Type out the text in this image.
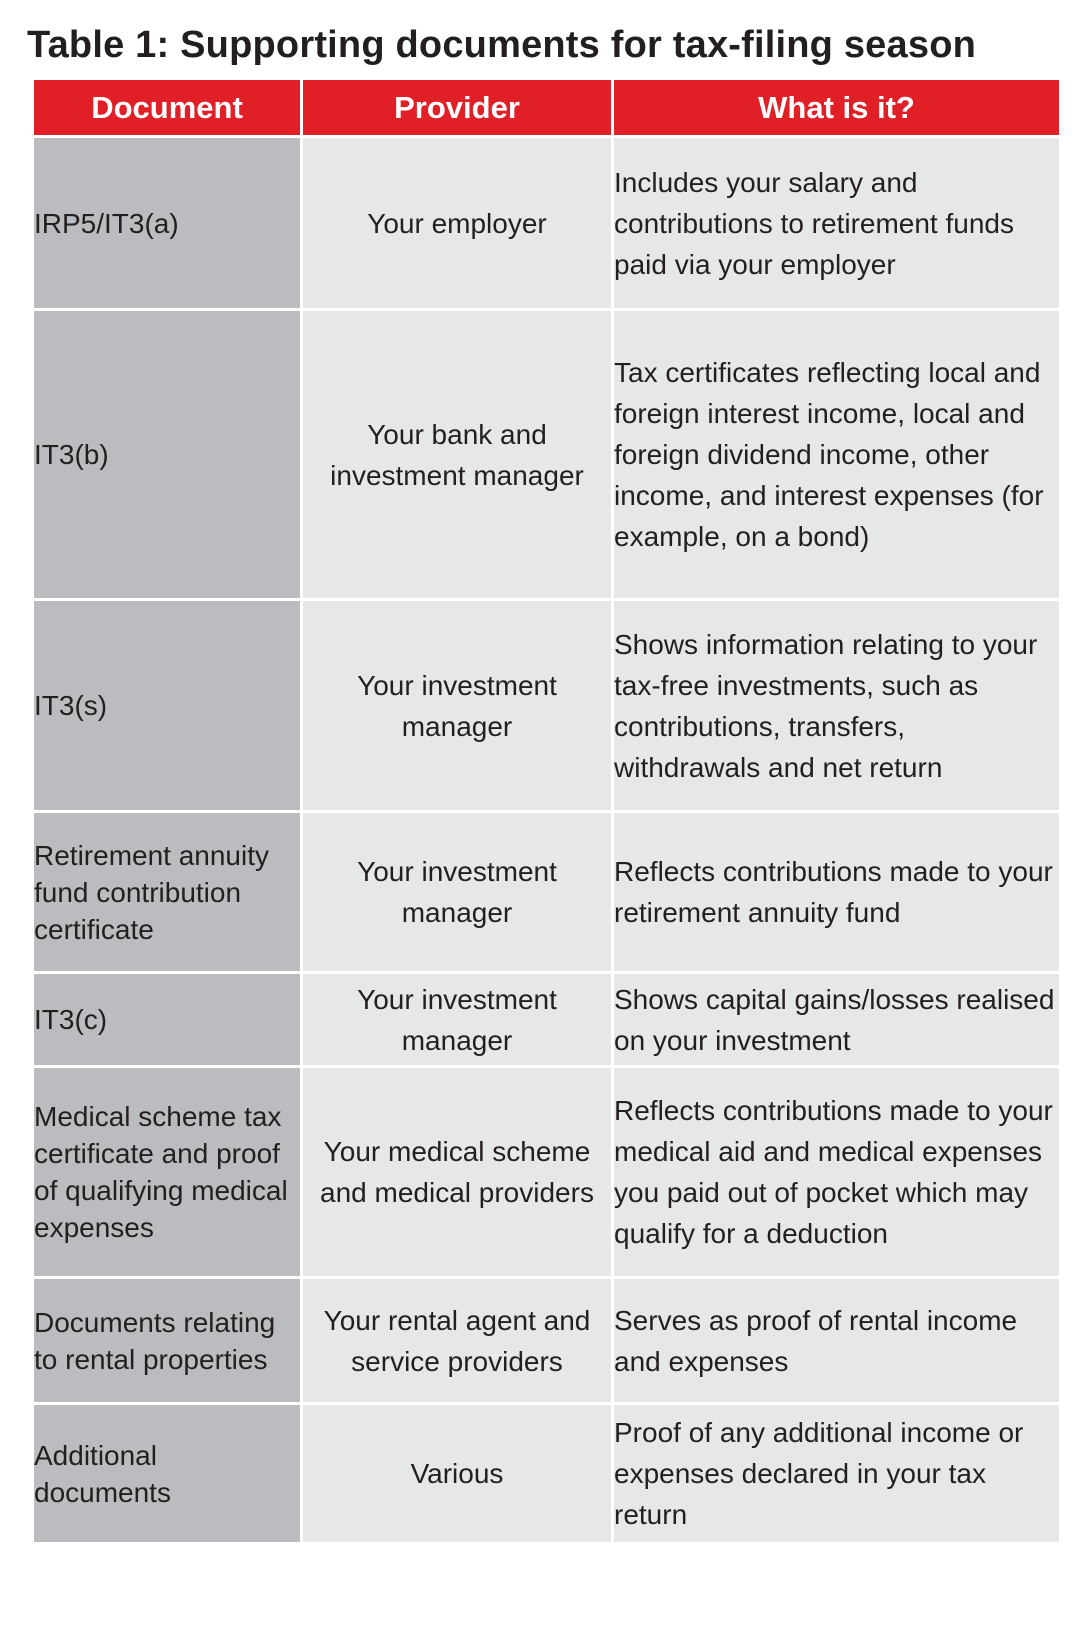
Table 1: Supporting documents for tax-filing season
Document	Provider	What is it?

IRP5/IT3(a)	Your employer	Includes your salary and contributions to retirement funds paid via your employer

IT3(b)	Your bank and investment manager	Tax certificates reflecting local and foreign interest income, local and foreign dividend income, other income, and interest expenses (for example, on a bond)

IT3(s)	Your investment manager	Shows information relating to your tax-free investments, such as contributions, transfers, withdrawals and net return

Retirement annuity fund contribution certificate	Your investment manager	Reflects contributions made to your retirement annuity fund

IT3(c)	Your investment manager	Shows capital gains/losses realised on your investment

Medical scheme tax certificate and proof of qualifying medical expenses	Your medical scheme and medical providers	Reflects contributions made to your medical aid and medical expenses you paid out of pocket which may qualify for a deduction

Documents relating to rental properties	Your rental agent and service providers	Serves as proof of rental income and expenses

Additional documents	Various	Proof of any additional income or expenses declared in your tax return
